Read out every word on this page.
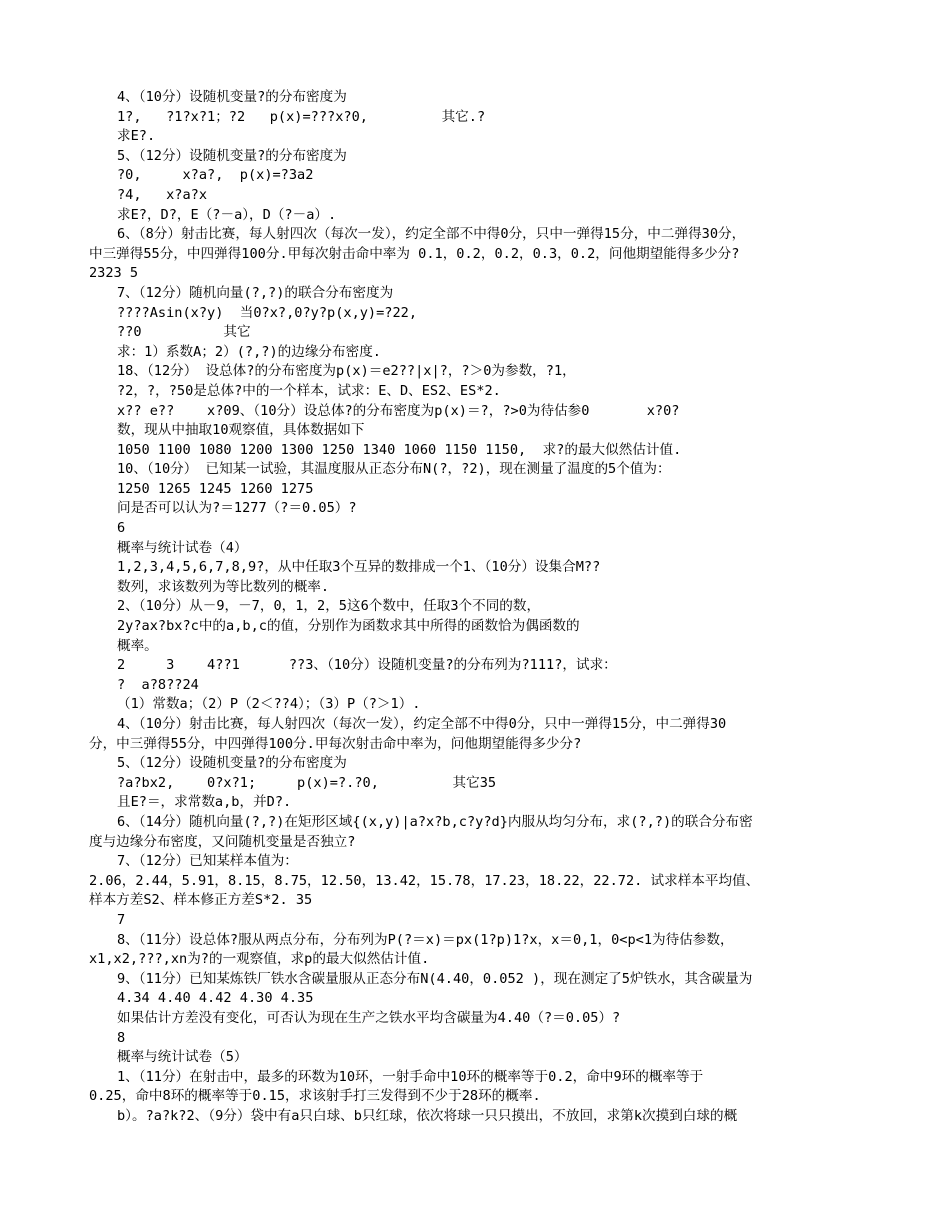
4、（10分）设随机变量?的分布密度为
1?,   ?1?x?1；?2   p(x)=???x?0,         其它.?
求E?.
5、（12分）设随机变量?的分布密度为
?0,     x?a?,  p(x)=?3a2
?4,   x?a?x
求E?，D?，E（?－a），D（?－a）.
6、（8分）射击比赛，每人射四次（每次一发），约定全部不中得0分，只中一弹得15分，中二弹得30分，
中三弹得55分，中四弹得100分.甲每次射击命中率为 0.1，0.2，0.2，0.3，0.2，问他期望能得多少分?
2323 5
7、（12分）随机向量(?,?)的联合分布密度为
????Asin(x?y)  当0?x?,0?y?p(x,y)=?22,
??0          其它
求：1）系数A；2）(?,?)的边缘分布密度.
18、（12分） 设总体?的分布密度为p(x)＝e2??|x|?，?＞0为参数，?1，
?2，?，?50是总体?中的一个样本，试求：E、D、ES2、ES*2.
x?? e??    x?09、（10分）设总体?的分布密度为p(x)＝?，?>0为待估参0       x?0?
数，现从中抽取10观察值，具体数据如下
1050 1100 1080 1200 1300 1250 1340 1060 1150 1150,  求?的最大似然估计值.
10、（10分） 已知某一试验，其温度服从正态分布N(?，?2)，现在测量了温度的5个值为：
1250 1265 1245 1260 1275
问是否可以认为?＝1277（?＝0.05）?
6
概率与统计试卷（4）
1,2,3,4,5,6,7,8,9?，从中任取3个互异的数排成一个1、（10分）设集合M??
数列，求该数列为等比数列的概率.
2、（10分）从－9，－7，0，1，2，5这6个数中，任取3个不同的数，
2y?ax?bx?c中的a,b,c的值，分别作为函数求其中所得的函数恰为偶函数的
概率。
2     3    4??1      ??3、（10分）设随机变量?的分布列为?111?，试求：
?  a?8??24
（1）常数a；（2）P（2＜??4）；（3）P（?＞1）.
4、（10分）射击比赛，每人射四次（每次一发），约定全部不中得0分，只中一弹得15分，中二弹得30
分，中三弹得55分，中四弹得100分.甲每次射击命中率为，问他期望能得多少分?
5、（12分）设随机变量?的分布密度为
?a?bx2,    0?x?1;     p(x)=?.?0,         其它35
且E?＝，求常数a,b，并D?.
6、（14分）随机向量(?,?)在矩形区域{(x,y)|a?x?b,c?y?d}内服从均匀分布，求(?,?)的联合分布密
度与边缘分布密度，又问随机变量是否独立?
7、（12分）已知某样本值为：
2.06，2.44，5.91，8.15，8.75，12.50，13.42，15.78，17.23，18.22，22.72. 试求样本平均值、
样本方差S2、样本修正方差S*2. 35
7
8、（11分）设总体?服从两点分布，分布列为P(?＝x)＝px(1?p)1?x，x＝0,1，0<p<1为待估参数，
x1,x2,???,xn为?的一观察值，求p的最大似然估计值.
9、（11分）已知某炼铁厂铁水含碳量服从正态分布N(4.40，0.052 )，现在测定了5炉铁水，其含碳量为
4.34 4.40 4.42 4.30 4.35
如果估计方差没有变化，可否认为现在生产之铁水平均含碳量为4.40（?＝0.05）?
8
概率与统计试卷（5）
1、（11分）在射击中，最多的环数为10环，一射手命中10环的概率等于0.2，命中9环的概率等于
0.25，命中8环的概率等于0.15，求该射手打三发得到不少于28环的概率.
b）。?a?k?2、（9分）袋中有a只白球、b只红球，依次将球一只只摸出，不放回，求第k次摸到白球的概
